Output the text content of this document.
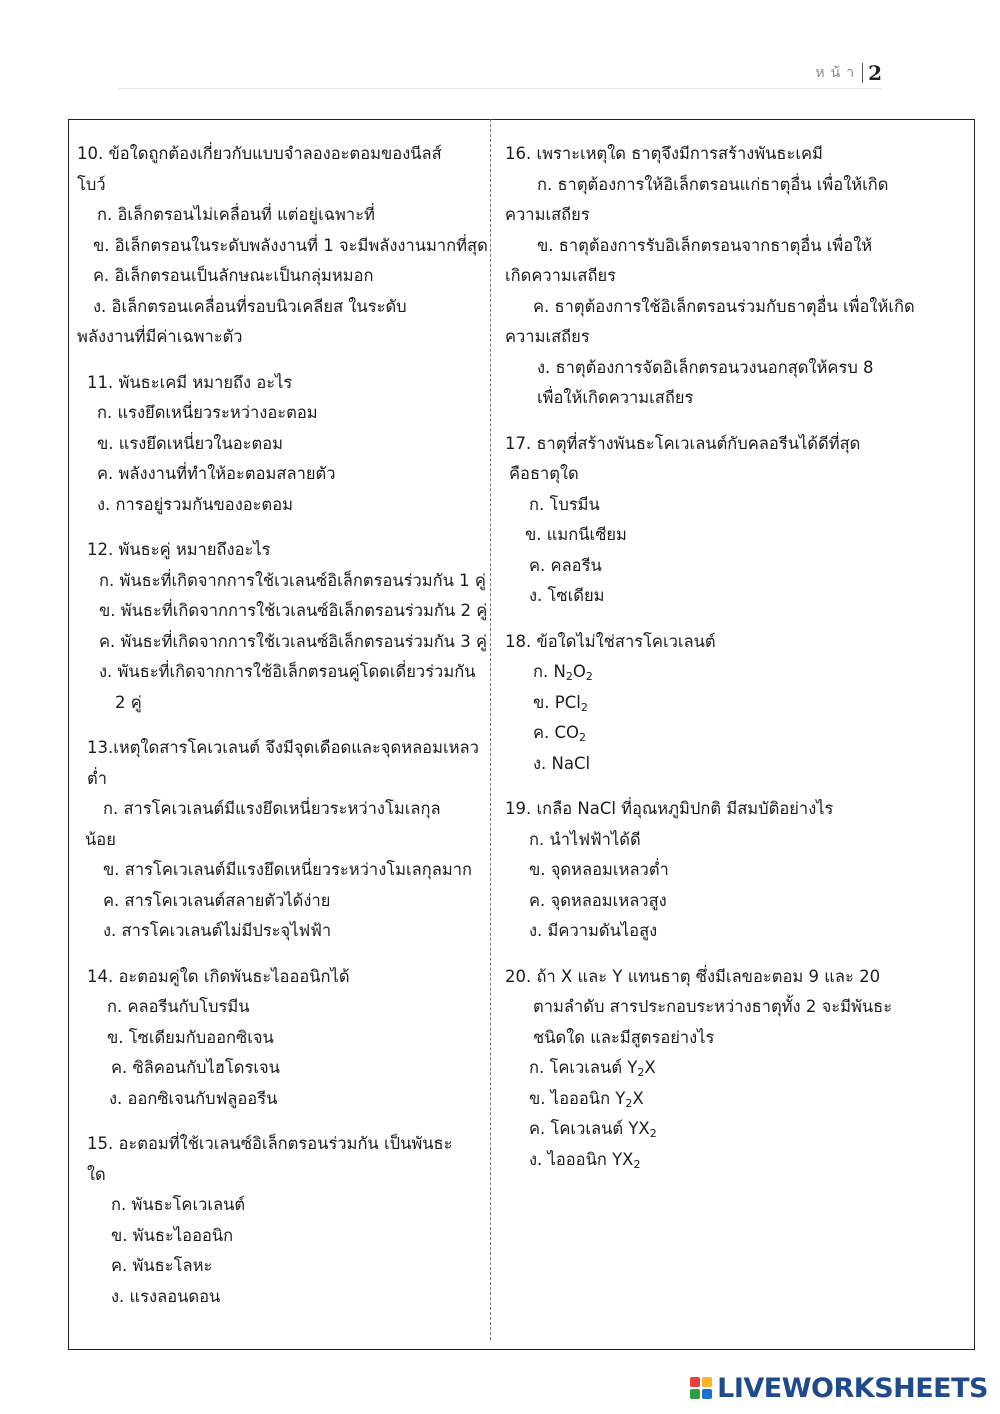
หน้า 2
10. ข้อใดถูกต้องเกี่ยวกับแบบจำลองอะตอมของนีลส์
โบว์
ก. อิเล็กตรอนไม่เคลื่อนที่ แต่อยู่เฉพาะที่
ข. อิเล็กตรอนในระดับพลังงานที่ 1 จะมีพลังงานมากที่สุด
ค. อิเล็กตรอนเป็นลักษณะเป็นกลุ่มหมอก
ง. อิเล็กตรอนเคลื่อนที่รอบนิวเคลียส ในระดับ
พลังงานที่มีค่าเฉพาะตัว
11. พันธะเคมี หมายถึง อะไร
ก. แรงยึดเหนี่ยวระหว่างอะตอม
ข. แรงยึดเหนี่ยวในอะตอม
ค. พลังงานที่ทำให้อะตอมสลายตัว
ง. การอยู่รวมกันของอะตอม
12. พันธะคู่ หมายถึงอะไร
ก. พันธะที่เกิดจากการใช้เวเลนซ์อิเล็กตรอนร่วมกัน 1 คู่
ข. พันธะที่เกิดจากการใช้เวเลนซ์อิเล็กตรอนร่วมกัน 2 คู่
ค. พันธะที่เกิดจากการใช้เวเลนซ์อิเล็กตรอนร่วมกัน 3 คู่
ง. พันธะที่เกิดจากการใช้อิเล็กตรอนคู่โดดเดี่ยวร่วมกัน
2 คู่
13.เหตุใดสารโคเวเลนต์ จึงมีจุดเดือดและจุดหลอมเหลว
ต่ำ
ก. สารโคเวเลนต์มีแรงยึดเหนี่ยวระหว่างโมเลกุล
น้อย
ข. สารโคเวเลนต์มีแรงยึดเหนี่ยวระหว่างโมเลกุลมาก
ค. สารโคเวเลนต์สลายตัวได้ง่าย
ง. สารโคเวเลนต์ไม่มีประจุไฟฟ้า
14. อะตอมคู่ใด เกิดพันธะไอออนิกได้
ก. คลอรีนกับโบรมีน
ข. โซเดียมกับออกซิเจน
ค. ซิลิคอนกับไฮโดรเจน
ง. ออกซิเจนกับฟลูออรีน
15. อะตอมที่ใช้เวเลนซ์อิเล็กตรอนร่วมกัน เป็นพันธะ
ใด
ก. พันธะโคเวเลนต์
ข. พันธะไอออนิก
ค. พันธะโลหะ
ง. แรงลอนดอน
16. เพราะเหตุใด ธาตุจึงมีการสร้างพันธะเคมี
ก. ธาตุต้องการให้อิเล็กตรอนแก่ธาตุอื่น เพื่อให้เกิด
ความเสถียร
ข. ธาตุต้องการรับอิเล็กตรอนจากธาตุอื่น เพื่อให้
เกิดความเสถียร
ค. ธาตุต้องการใช้อิเล็กตรอนร่วมกับธาตุอื่น เพื่อให้เกิด
ความเสถียร
ง. ธาตุต้องการจัดอิเล็กตรอนวงนอกสุดให้ครบ 8
เพื่อให้เกิดความเสถียร
17. ธาตุที่สร้างพันธะโคเวเลนต์กับคลอรีนได้ดีที่สุด
คือธาตุใด
ก. โบรมีน
ข. แมกนีเซียม
ค. คลอรีน
ง. โซเดียม
18. ข้อใดไม่ใช่สารโคเวเลนต์
ก. $N_2O_2$
ข. PCl$_2$
ค. $CO_2$
ง. NaCl
19. เกลือ NaCl ที่อุณหภูมิปกติ มีสมบัติอย่างไร
ก. นำไฟฟ้าได้ดี
ข. จุดหลอมเหลวต่ำ
ค. จุดหลอมเหลวสูง
ง. มีความดันไอสูง
20. ถ้า X และ Y แทนธาตุ ซึ่งมีเลขอะตอม 9 และ 20
ตามลำดับ สารประกอบระหว่างธาตุทั้ง 2 จะมีพันธะ
ชนิดใด และมีสูตรอย่างไร
ก. โคเวเลนต์ $Y_2X$
ข. ไอออนิก $Y_2X$
ค. โคเวเลนต์ $YX_2$
ง. ไอออนิก $YX_2$
LIVEWORKSHEETS
